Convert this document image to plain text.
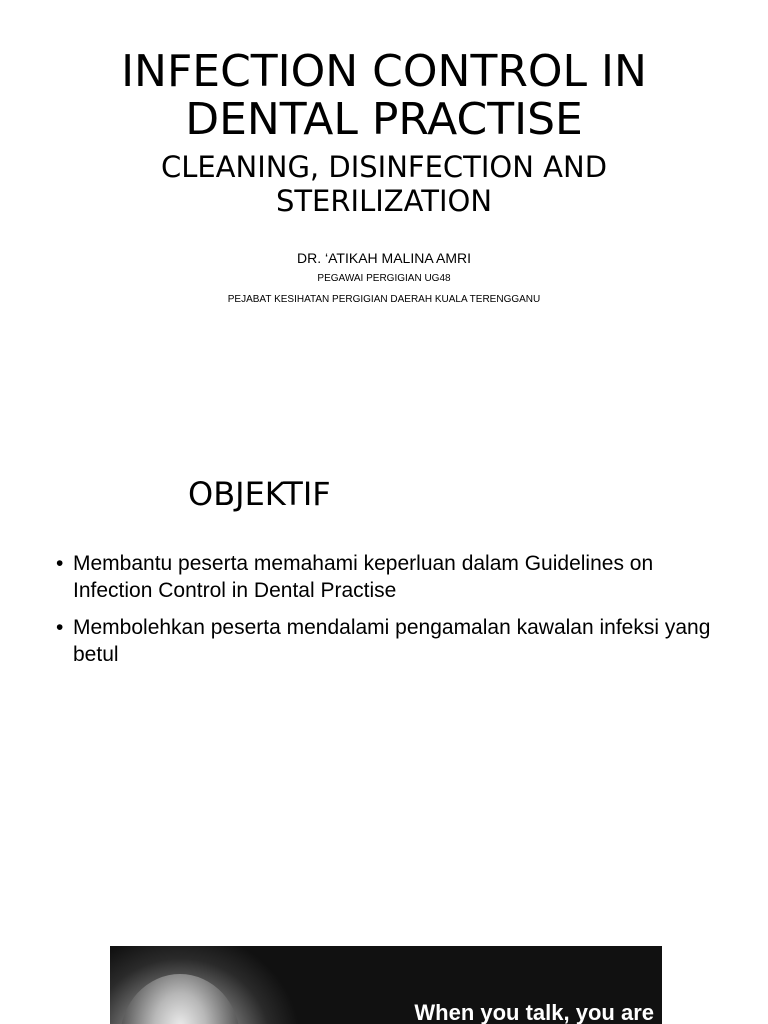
INFECTION CONTROL IN DENTAL PRACTISE
CLEANING, DISINFECTION AND STERILIZATION

DR. ‘ATIKAH MALINA AMRI

PEGAWAI PERGIGIAN UG48

PEJABAT KESIHATAN PERGIGIAN DAERAH KUALA TERENGGANU

OBJEKTIF
• Membantu peserta memahami keperluan dalam Guidelines on Infection Control in Dental Practise
• Membolehkan peserta mendalami pengamalan kawalan infeksi yang betul
When you talk, you are
